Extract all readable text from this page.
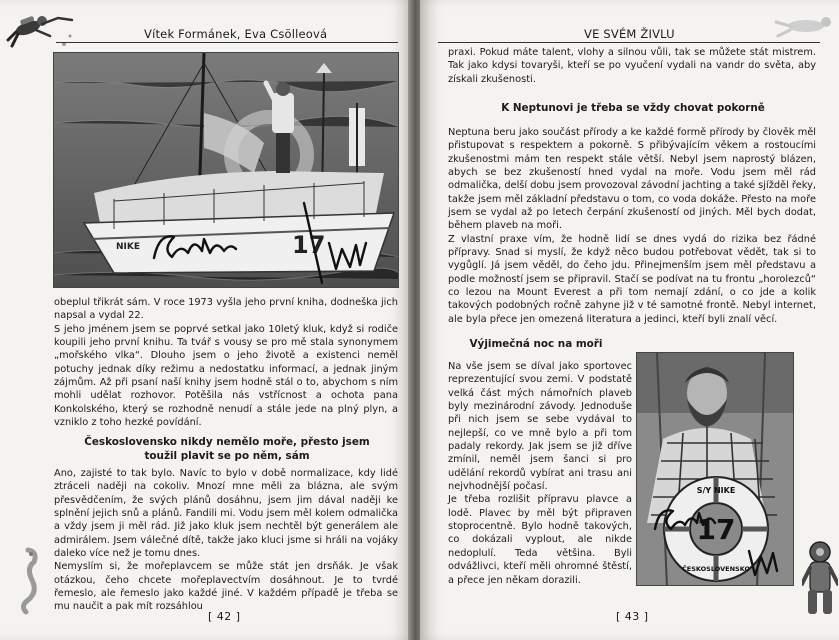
Vítek Formánek, Eva Csölleová
NIKE	17

obeplul třikrát sám. V roce 1973 vyšla jeho první kniha, dodneška jich napsal a vydal 22.

S jeho jménem jsem se poprvé setkal jako 10letý kluk, když si rodiče koupili jeho první knihu. Ta tvář s vousy se pro mě stala synonymem „mořského vlka“. Dlouho jsem o jeho životě a existenci neměl potuchy jednak díky režimu a nedostatku informací, a jednak jiným zájmům. Až při psaní naší knihy jsem hodně stál o to, abychom s ním mohli udělat rozhovor. Potěšila nás vstřícnost a ochota pana Konkolského, který se rozhodně nenudí a stále jede na plný plyn, a vzniklo z toho hezké povídání.

Československo nikdy nemělo moře, přesto jsem toužil plavit se po něm, sám

Ano, zajisté to tak bylo. Navíc to bylo v době normalizace, kdy lidé ztráceli naději na cokoliv. Mnozí mne měli za blázna, ale svým přesvědčením, že svých plánů dosáhnu, jsem jim dával naději ke splnění jejich snů a plánů. Fandili mi. Vodu jsem měl kolem odmalička a vždy jsem ji měl rád. Již jako kluk jsem nechtěl být generálem ale admirálem. Jsem válečné dítě, takže jako kluci jsme si hráli na vojáky daleko více než je tomu dnes.

Nemyslím si, že mořeplavcem se může stát jen drsňák. Je však otázkou, čeho chcete mořeplavectvím dosáhnout. Je to tvrdé řemeslo, ale řemeslo jako každé jiné. V každém případě je třeba se mu naučit a pak mít rozsáhlou

[ 42 ]
VE SVÉM ŽIVLU

praxi. Pokud máte talent, vlohy a silnou vůli, tak se můžete stát mistrem. Tak jako kdysi tovaryši, kteří se po vyučení vydali na vandr do světa, aby získali zkušenosti.

K Neptunovi je třeba se vždy chovat pokorně

Neptuna beru jako součást přírody a ke každé formě přírody by člověk měl přistupovat s respektem a pokorně. S přibývajícím věkem a rostoucími zkušenostmi mám ten respekt stále větší. Nebyl jsem naprostý blázen, abych se bez zkušeností hned vydal na moře. Vodu jsem měl rád odmalička, delší dobu jsem provozoval závodní jachting a také sjížděl řeky, takže jsem měl základní představu o tom, co voda dokáže. Přesto na moře jsem se vydal až po letech čerpání zkušeností od jiných. Měl bych dodat, během plaveb na moři.

Z vlastní praxe vím, že hodně lidí se dnes vydá do rizika bez řádné přípravy. Snad si myslí, že když něco budou potřebovat vědět, tak si to vygůglí. Já jsem věděl, do čeho jdu. Přinejmenším jsem měl představu a podle možností jsem se připravil. Stačí se podívat na tu frontu „horolezců“ co lezou na Mount Everest a při tom nemají zdání, o co jde a kolik takových podobných ročně zahyne již v té samotné frontě. Nebyl internet, ale byla přece jen omezená literatura a jedinci, kteří byli znalí věcí.

Výjimečná noc na moři

Na vše jsem se díval jako sportovec reprezentující svou zemi. V podstatě velká část mých námořních plaveb byly mezinárodní závody. Jednoduše při nich jsem se sebe vydával to nejlepší, co ve mně bylo a při tom padaly rekordy. Jak jsem se již dříve zmínil, neměl jsem šanci si pro udělání rekordů vybírat ani trasu ani nejvhodnější počasí.

Je třeba rozlišit přípravu plavce a lodě. Plavec by měl být připraven stoprocentně. Bylo hodně takových, co dokázali vyplout, ale nikde nedoplulí. Teda většina. Byli odvážlivci, kteří měli ohromné štěstí, a přece jen někam dorazili.

S/Y NIKE
17
ČESKOSLOVENSKO
[ 43 ]
